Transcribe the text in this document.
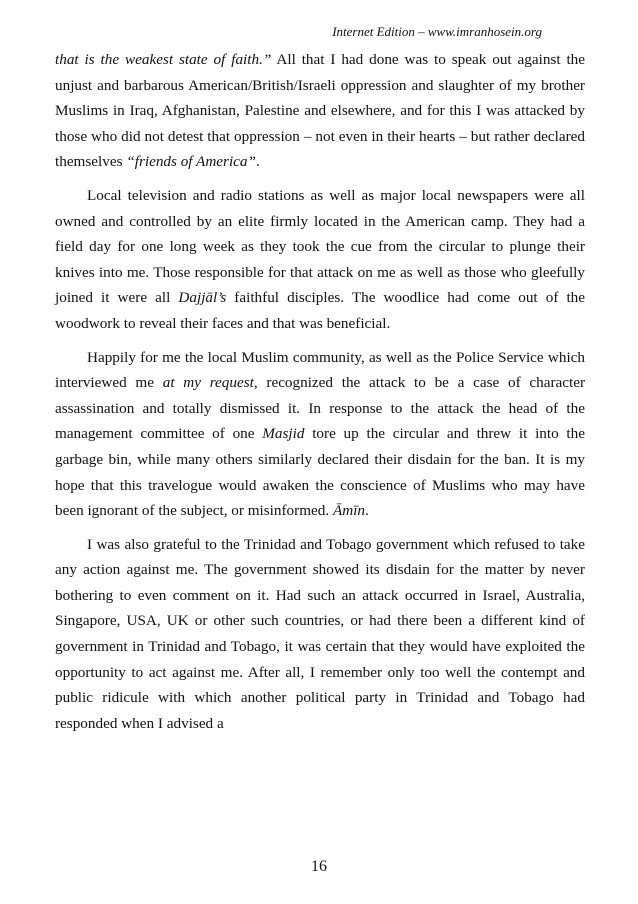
Internet Edition – www.imranhosein.org

that is the weakest state of faith.” All that I had done was to speak out against the unjust and barbarous American/British/Israeli oppression and slaughter of my brother Muslims in Iraq, Afghanistan, Palestine and elsewhere, and for this I was attacked by those who did not detest that oppression – not even in their hearts – but rather declared themselves “friends of America”.

Local television and radio stations as well as major local newspapers were all owned and controlled by an elite firmly located in the American camp. They had a field day for one long week as they took the cue from the circular to plunge their knives into me. Those responsible for that attack on me as well as those who gleefully joined it were all Dajjāl’s faithful disciples. The woodlice had come out of the woodwork to reveal their faces and that was beneficial.

Happily for me the local Muslim community, as well as the Police Service which interviewed me at my request, recognized the attack to be a case of character assassination and totally dismissed it. In response to the attack the head of the management committee of one Masjid tore up the circular and threw it into the garbage bin, while many others similarly declared their disdain for the ban. It is my hope that this travelogue would awaken the conscience of Muslims who may have been ignorant of the subject, or misinformed. Āmīn.

I was also grateful to the Trinidad and Tobago government which refused to take any action against me. The government showed its disdain for the matter by never bothering to even comment on it. Had such an attack occurred in Israel, Australia, Singapore, USA, UK or other such countries, or had there been a different kind of government in Trinidad and Tobago, it was certain that they would have exploited the opportunity to act against me. After all, I remember only too well the contempt and public ridicule with which another political party in Trinidad and Tobago had responded when I advised a

16
